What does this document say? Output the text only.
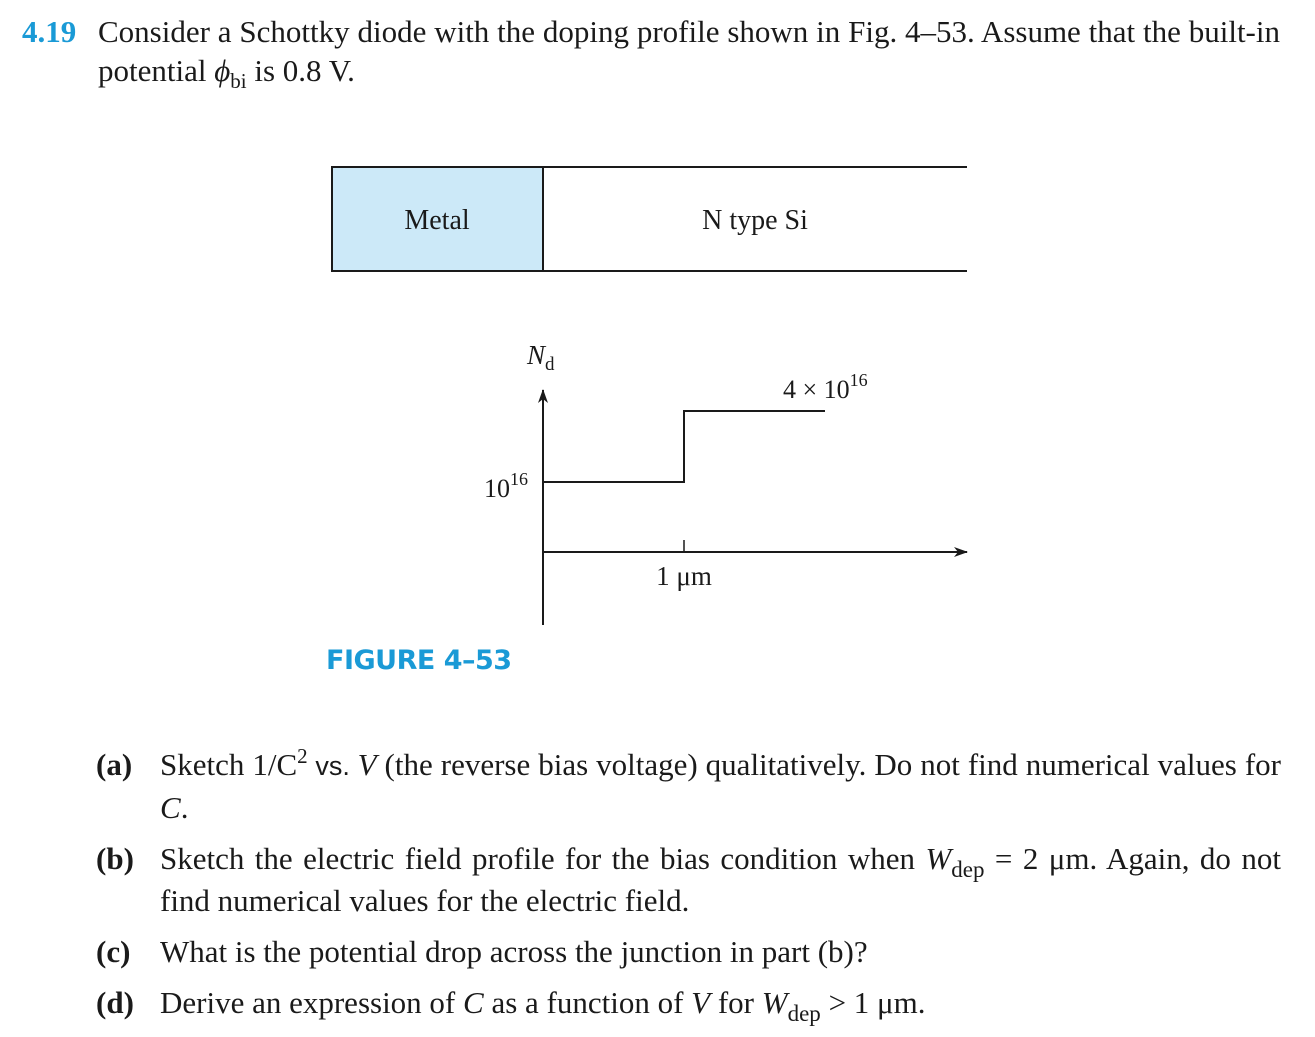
4.19 Consider a Schottky diode with the doping profile shown in Fig. 4–53. Assume that the built-in potential $\phi_{bi}$ is 0.8 V.
Metal	N type Si
$N_d$
$4 \times 10^{16}$
$10^{16}$
1 μm
FIGURE 4–53
(a) Sketch $1/C^2$ vs. V (the reverse bias voltage) qualitatively. Do not find numerical values for C.
(b) Sketch the electric field profile for the bias condition when $W_{dep} = 2$ μm. Again, do not find numerical values for the electric field.
(c) What is the potential drop across the junction in part (b)?
(d) Derive an expression of C as a function of V for $W_{dep} > 1$ μm.
